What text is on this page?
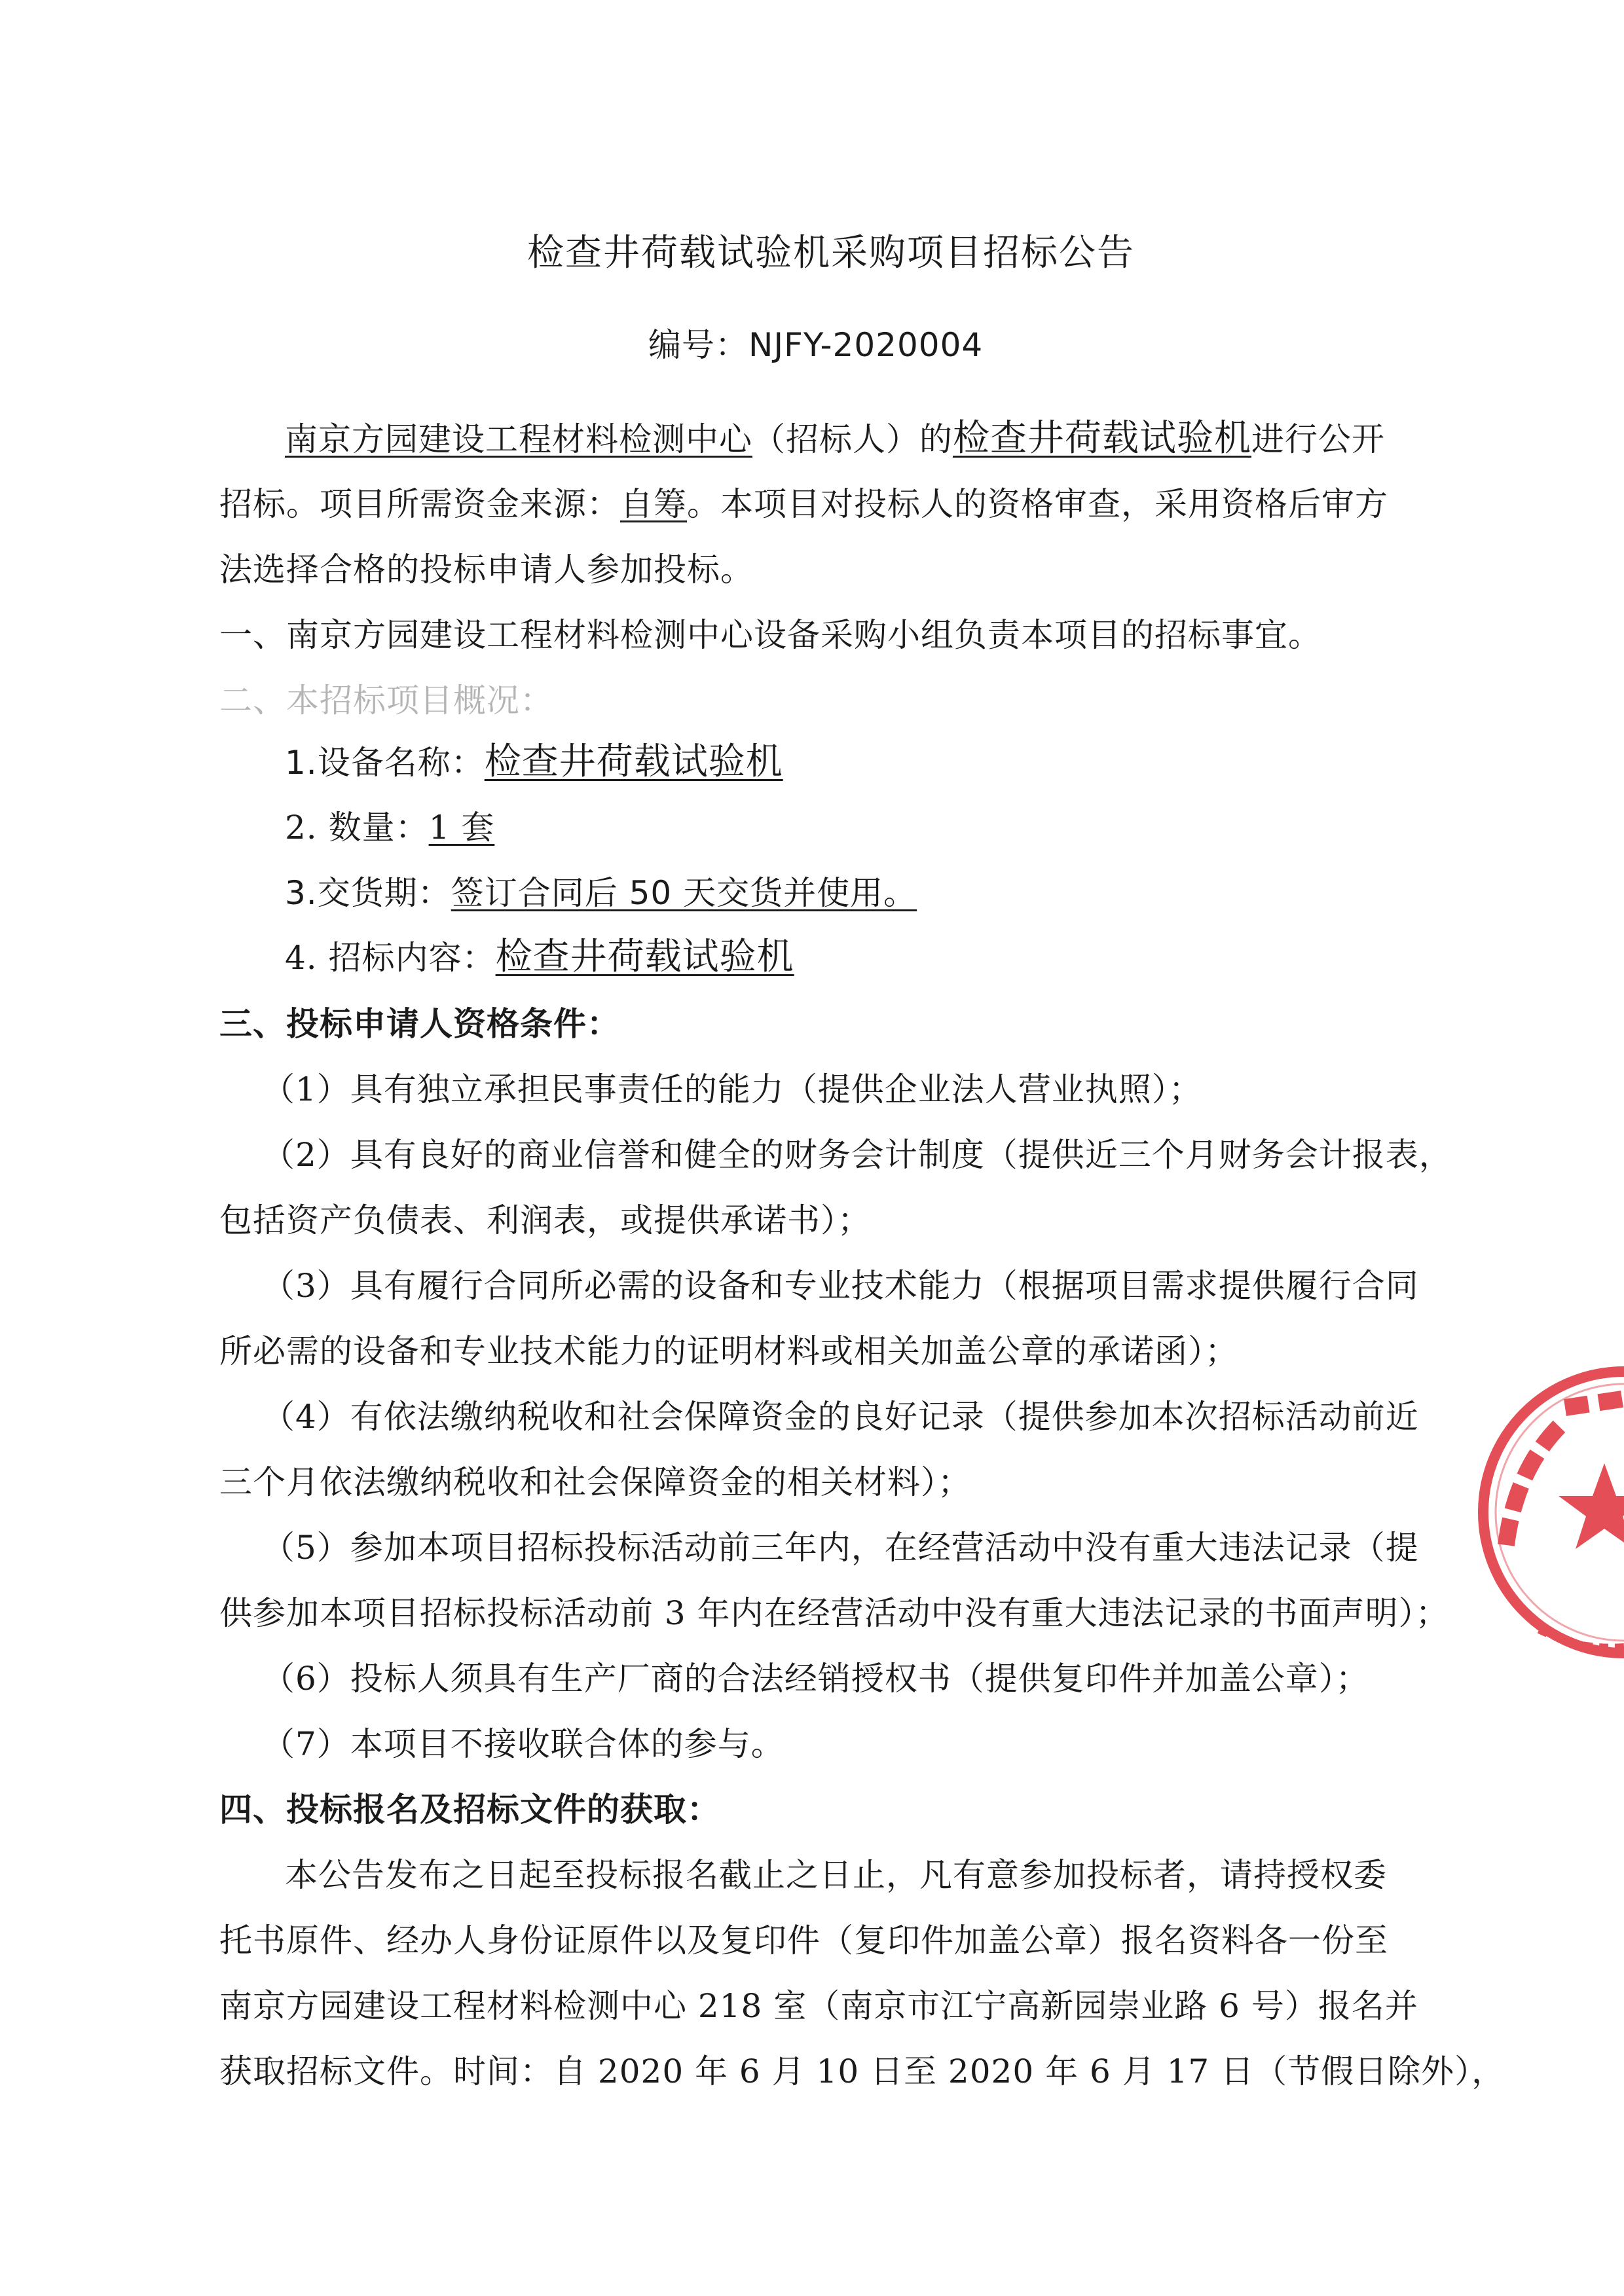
检查井荷载试验机采购项目招标公告
编号：NJFY-2020004
南京方园建设工程材料检测中心（招标人）的检查井荷载试验机进行公开
招标。项目所需资金来源：自筹。本项目对投标人的资格审查，采用资格后审方
法选择合格的投标申请人参加投标。
一、南京方园建设工程材料检测中心设备采购小组负责本项目的招标事宜。
二、本招标项目概况：
1.设备名称：检查井荷载试验机
2. 数量：1 套
3.交货期：签订合同后 50 天交货并使用。
4. 招标内容：检查井荷载试验机
三、投标申请人资格条件：
（1）具有独立承担民事责任的能力（提供企业法人营业执照）；
（2）具有良好的商业信誉和健全的财务会计制度（提供近三个月财务会计报表，
包括资产负债表、利润表，或提供承诺书）；
（3）具有履行合同所必需的设备和专业技术能力（根据项目需求提供履行合同
所必需的设备和专业技术能力的证明材料或相关加盖公章的承诺函）；
（4）有依法缴纳税收和社会保障资金的良好记录（提供参加本次招标活动前近
三个月依法缴纳税收和社会保障资金的相关材料）；
（5）参加本项目招标投标活动前三年内，在经营活动中没有重大违法记录（提
供参加本项目招标投标活动前 3 年内在经营活动中没有重大违法记录的书面声明）；
（6）投标人须具有生产厂商的合法经销授权书（提供复印件并加盖公章）；
（7）本项目不接收联合体的参与。
四、投标报名及招标文件的获取：
本公告发布之日起至投标报名截止之日止，凡有意参加投标者，请持授权委
托书原件、经办人身份证原件以及复印件（复印件加盖公章）报名资料各一份至
南京方园建设工程材料检测中心 218 室（南京市江宁高新园崇业路 6 号）报名并
获取招标文件。时间：自 2020 年 6 月 10 日至 2020 年 6 月 17 日（节假日除外），
